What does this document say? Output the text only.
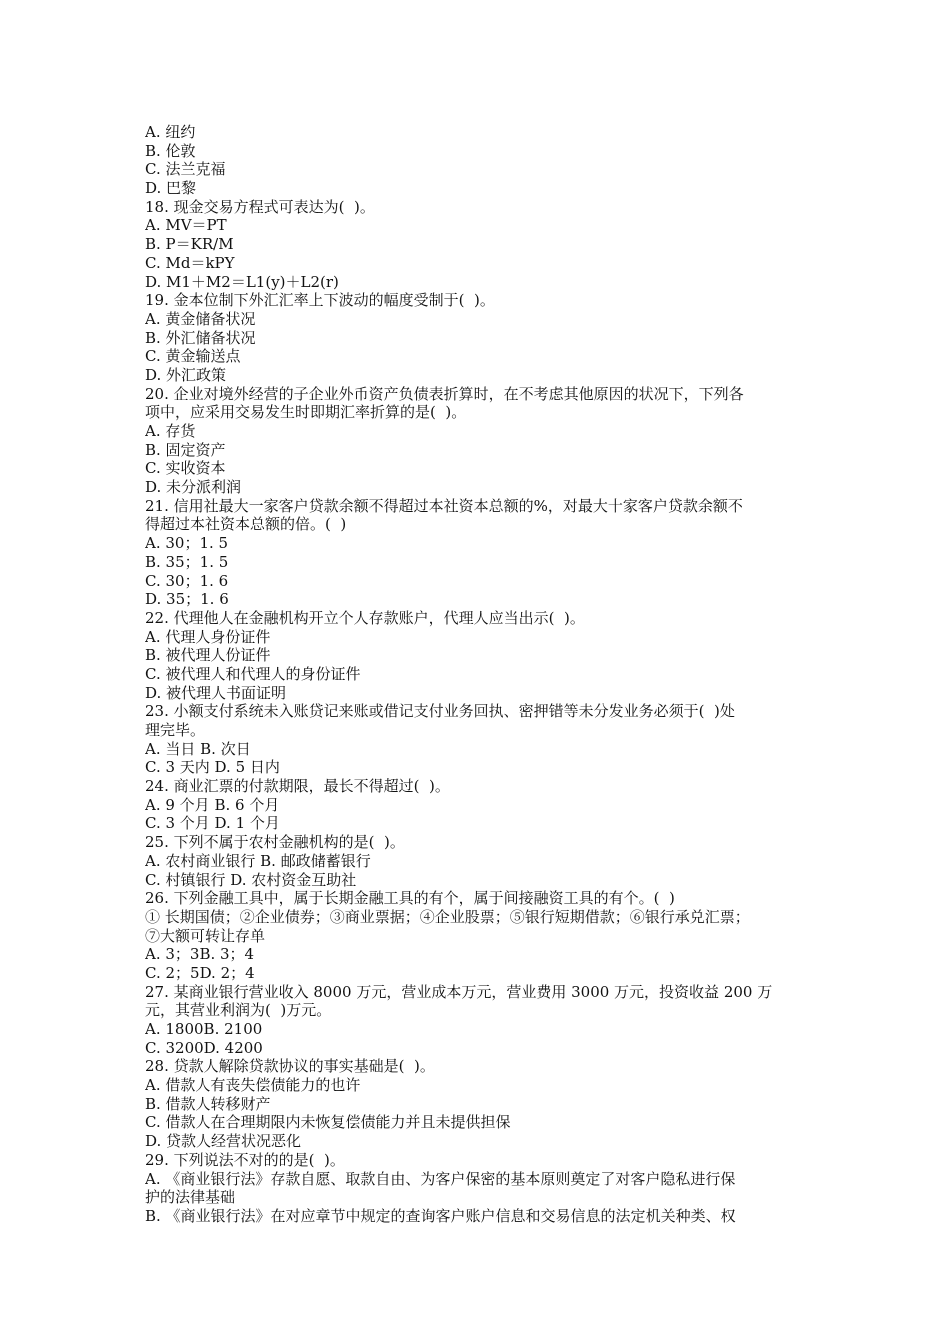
A. 纽约
B. 伦敦
C. 法兰克福
D. 巴黎
18. 现金交易方程式可表达为(  )。
A. MV＝PT
B. P＝KR/M
C. Md＝kPY
D. M1＋M2＝L1(y)＋L2(r)
19. 金本位制下外汇汇率上下波动的幅度受制于(  )。
A. 黄金储备状况
B. 外汇储备状况
C. 黄金输送点
D. 外汇政策
20. 企业对境外经营的子企业外币资产负债表折算时，在不考虑其他原因的状况下，下列各
项中，应采用交易发生时即期汇率折算的是(  )。
A. 存货
B. 固定资产
C. 实收资本
D. 未分派利润
21. 信用社最大一家客户贷款余额不得超过本社资本总额的%，对最大十家客户贷款余额不
得超过本社资本总额的倍。(  )
A. 30；1. 5
B. 35；1. 5
C. 30；1. 6
D. 35；1. 6
22. 代理他人在金融机构开立个人存款账户，代理人应当出示(  )。
A. 代理人身份证件
B. 被代理人份证件
C. 被代理人和代理人的身份证件
D. 被代理人书面证明
23. 小额支付系统未入账贷记来账或借记支付业务回执、密押错等未分发业务必须于(  )处
理完毕。
A. 当日 B. 次日
C. 3 天内 D. 5 日内
24. 商业汇票的付款期限，最长不得超过(  )。
A. 9 个月 B. 6 个月
C. 3 个月 D. 1 个月
25. 下列不属于农村金融机构的是(  )。
A. 农村商业银行 B. 邮政储蓄银行
C. 村镇银行 D. 农村资金互助社
26. 下列金融工具中，属于长期金融工具的有个，属于间接融资工具的有个。(  )
① 长期国债；②企业债券；③商业票据；④企业股票；⑤银行短期借款；⑥银行承兑汇票；
⑦大额可转让存单
A. 3；3B. 3；4
C. 2；5D. 2；4
27. 某商业银行营业收入 8000 万元，营业成本万元，营业费用 3000 万元，投资收益 200 万
元，其营业利润为(  )万元。
A. 1800B. 2100
C. 3200D. 4200
28. 贷款人解除贷款协议的事实基础是(  )。
A. 借款人有丧失偿债能力的也许
B. 借款人转移财产
C. 借款人在合理期限内未恢复偿债能力并且未提供担保
D. 贷款人经营状况恶化
29. 下列说法不对的的是(  )。
A. 《商业银行法》存款自愿、取款自由、为客户保密的基本原则奠定了对客户隐私进行保
护的法律基础
B. 《商业银行法》在对应章节中规定的查询客户账户信息和交易信息的法定机关种类、权
